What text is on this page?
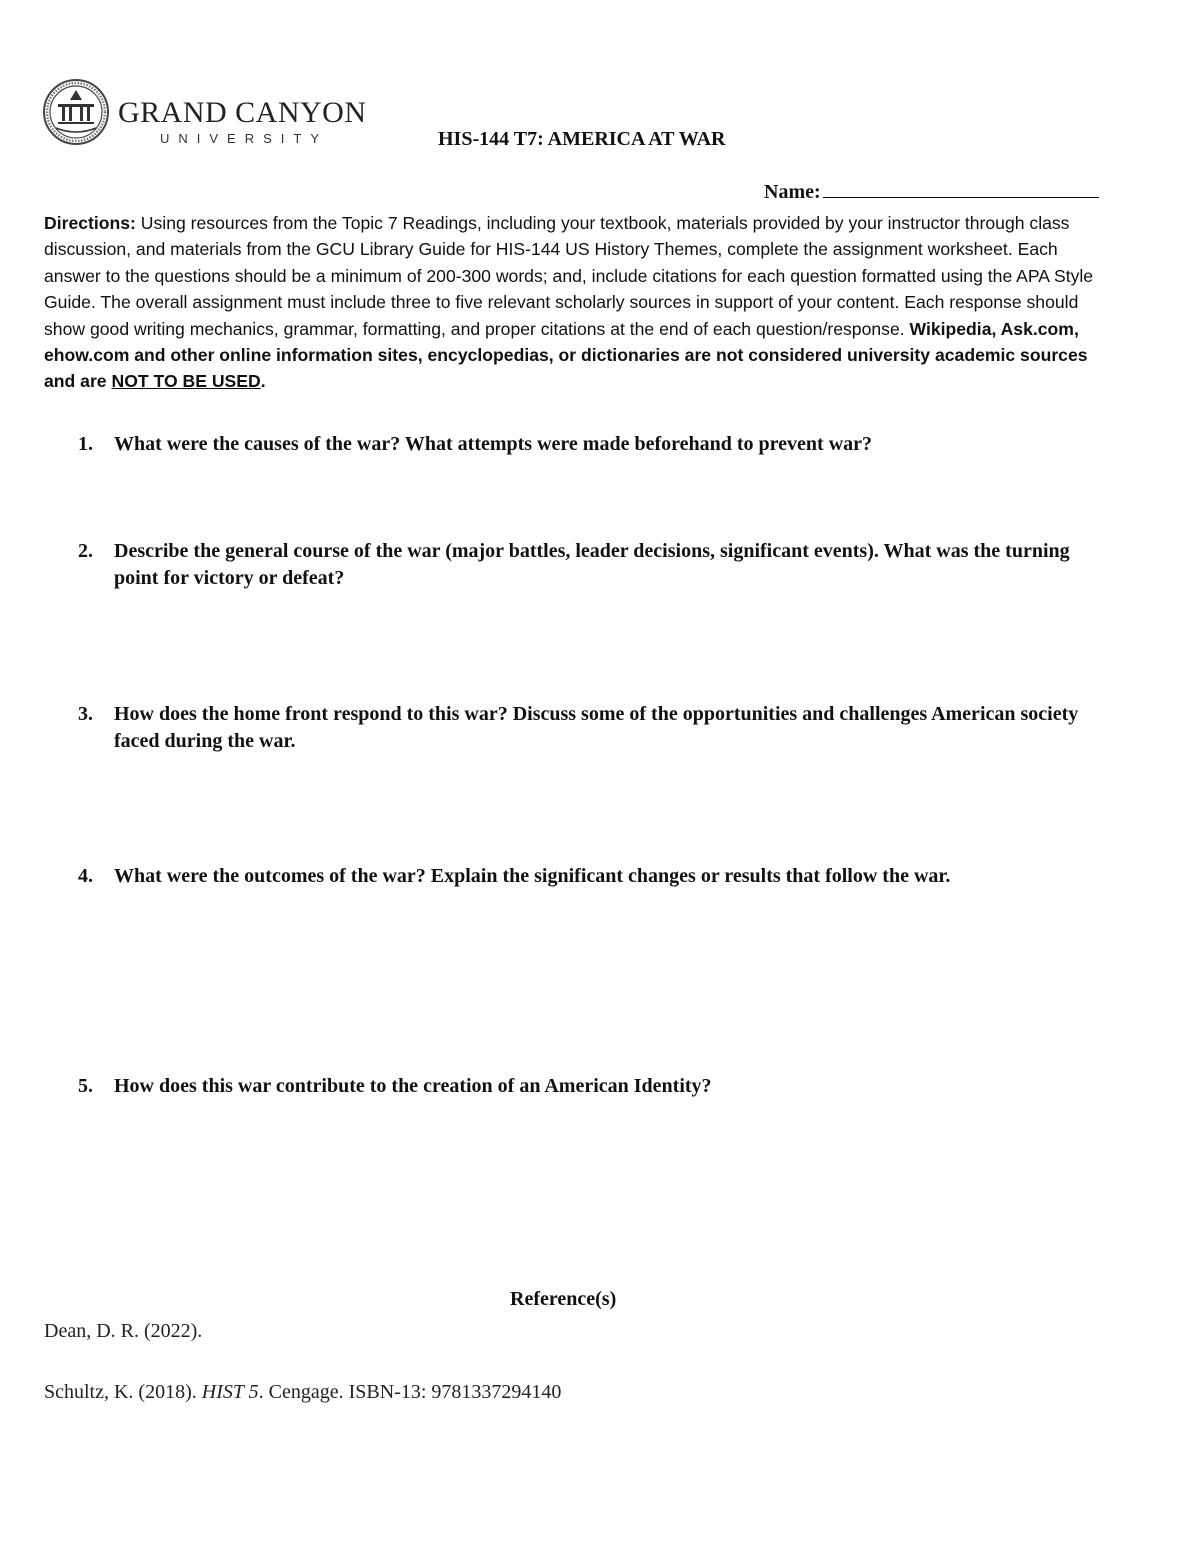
GRAND CANYON
UNIVERSITY	HIS-144 T7: AMERICA AT WAR
Name:
Directions: Using resources from the Topic 7 Readings, including your textbook, materials provided by your instructor through class discussion, and materials from the GCU Library Guide for HIS-144 US History Themes, complete the assignment worksheet. Each answer to the questions should be a minimum of 200-300 words; and, include citations for each question formatted using the APA Style Guide. The overall assignment must include three to five relevant scholarly sources in support of your content. Each response should show good writing mechanics, grammar, formatting, and proper citations at the end of each question/response. Wikipedia, Ask.com, ehow.com and other online information sites, encyclopedias, or dictionaries are not considered university academic sources and are NOT TO BE USED.
1. What were the causes of the war? What attempts were made beforehand to prevent war?
2. Describe the general course of the war (major battles, leader decisions, significant events). What was the turning point for victory or defeat?
3. How does the home front respond to this war? Discuss some of the opportunities and challenges American society faced during the war.
4. What were the outcomes of the war? Explain the significant changes or results that follow the war.
5. How does this war contribute to the creation of an American Identity?
Reference(s)
Dean, D. R. (2022).
Schultz, K. (2018). HIST 5. Cengage. ISBN-13: 9781337294140
